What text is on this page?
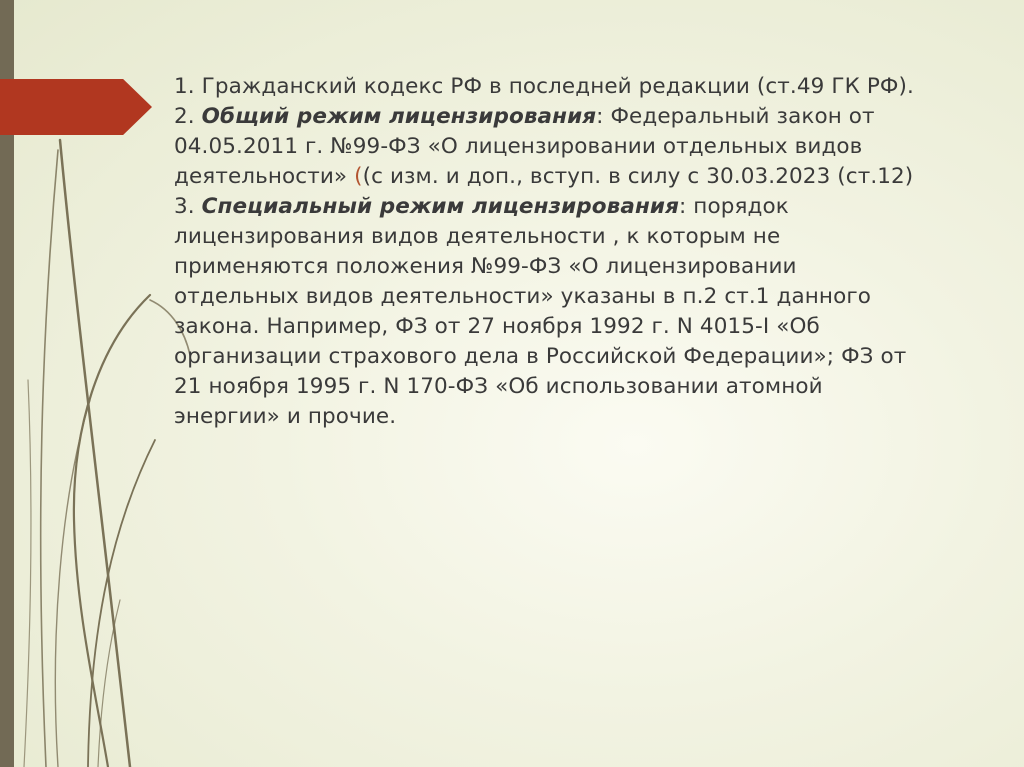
1. Гражданский кодекс РФ в последней редакции (ст.49 ГК РФ).

2. Общий режим лицензирования: Федеральный закон от 04.05.2011 г. №99-ФЗ «О лицензировании отдельных видов деятельности» ((с изм. и доп., вступ. в силу с 30.03.2023 (ст.12)

3. Специальный режим лицензирования: порядок лицензирования видов деятельности , к которым не применяются положения №99-ФЗ «О лицензировании отдельных видов деятельности» указаны в п.2 ст.1 данного закона. Например, ФЗ от 27 ноября 1992 г. N 4015-I «Об организации страхового дела в Российской Федерации»; ФЗ от 21 ноября 1995 г. N 170-ФЗ «Об использовании атомной энергии» и прочие.
